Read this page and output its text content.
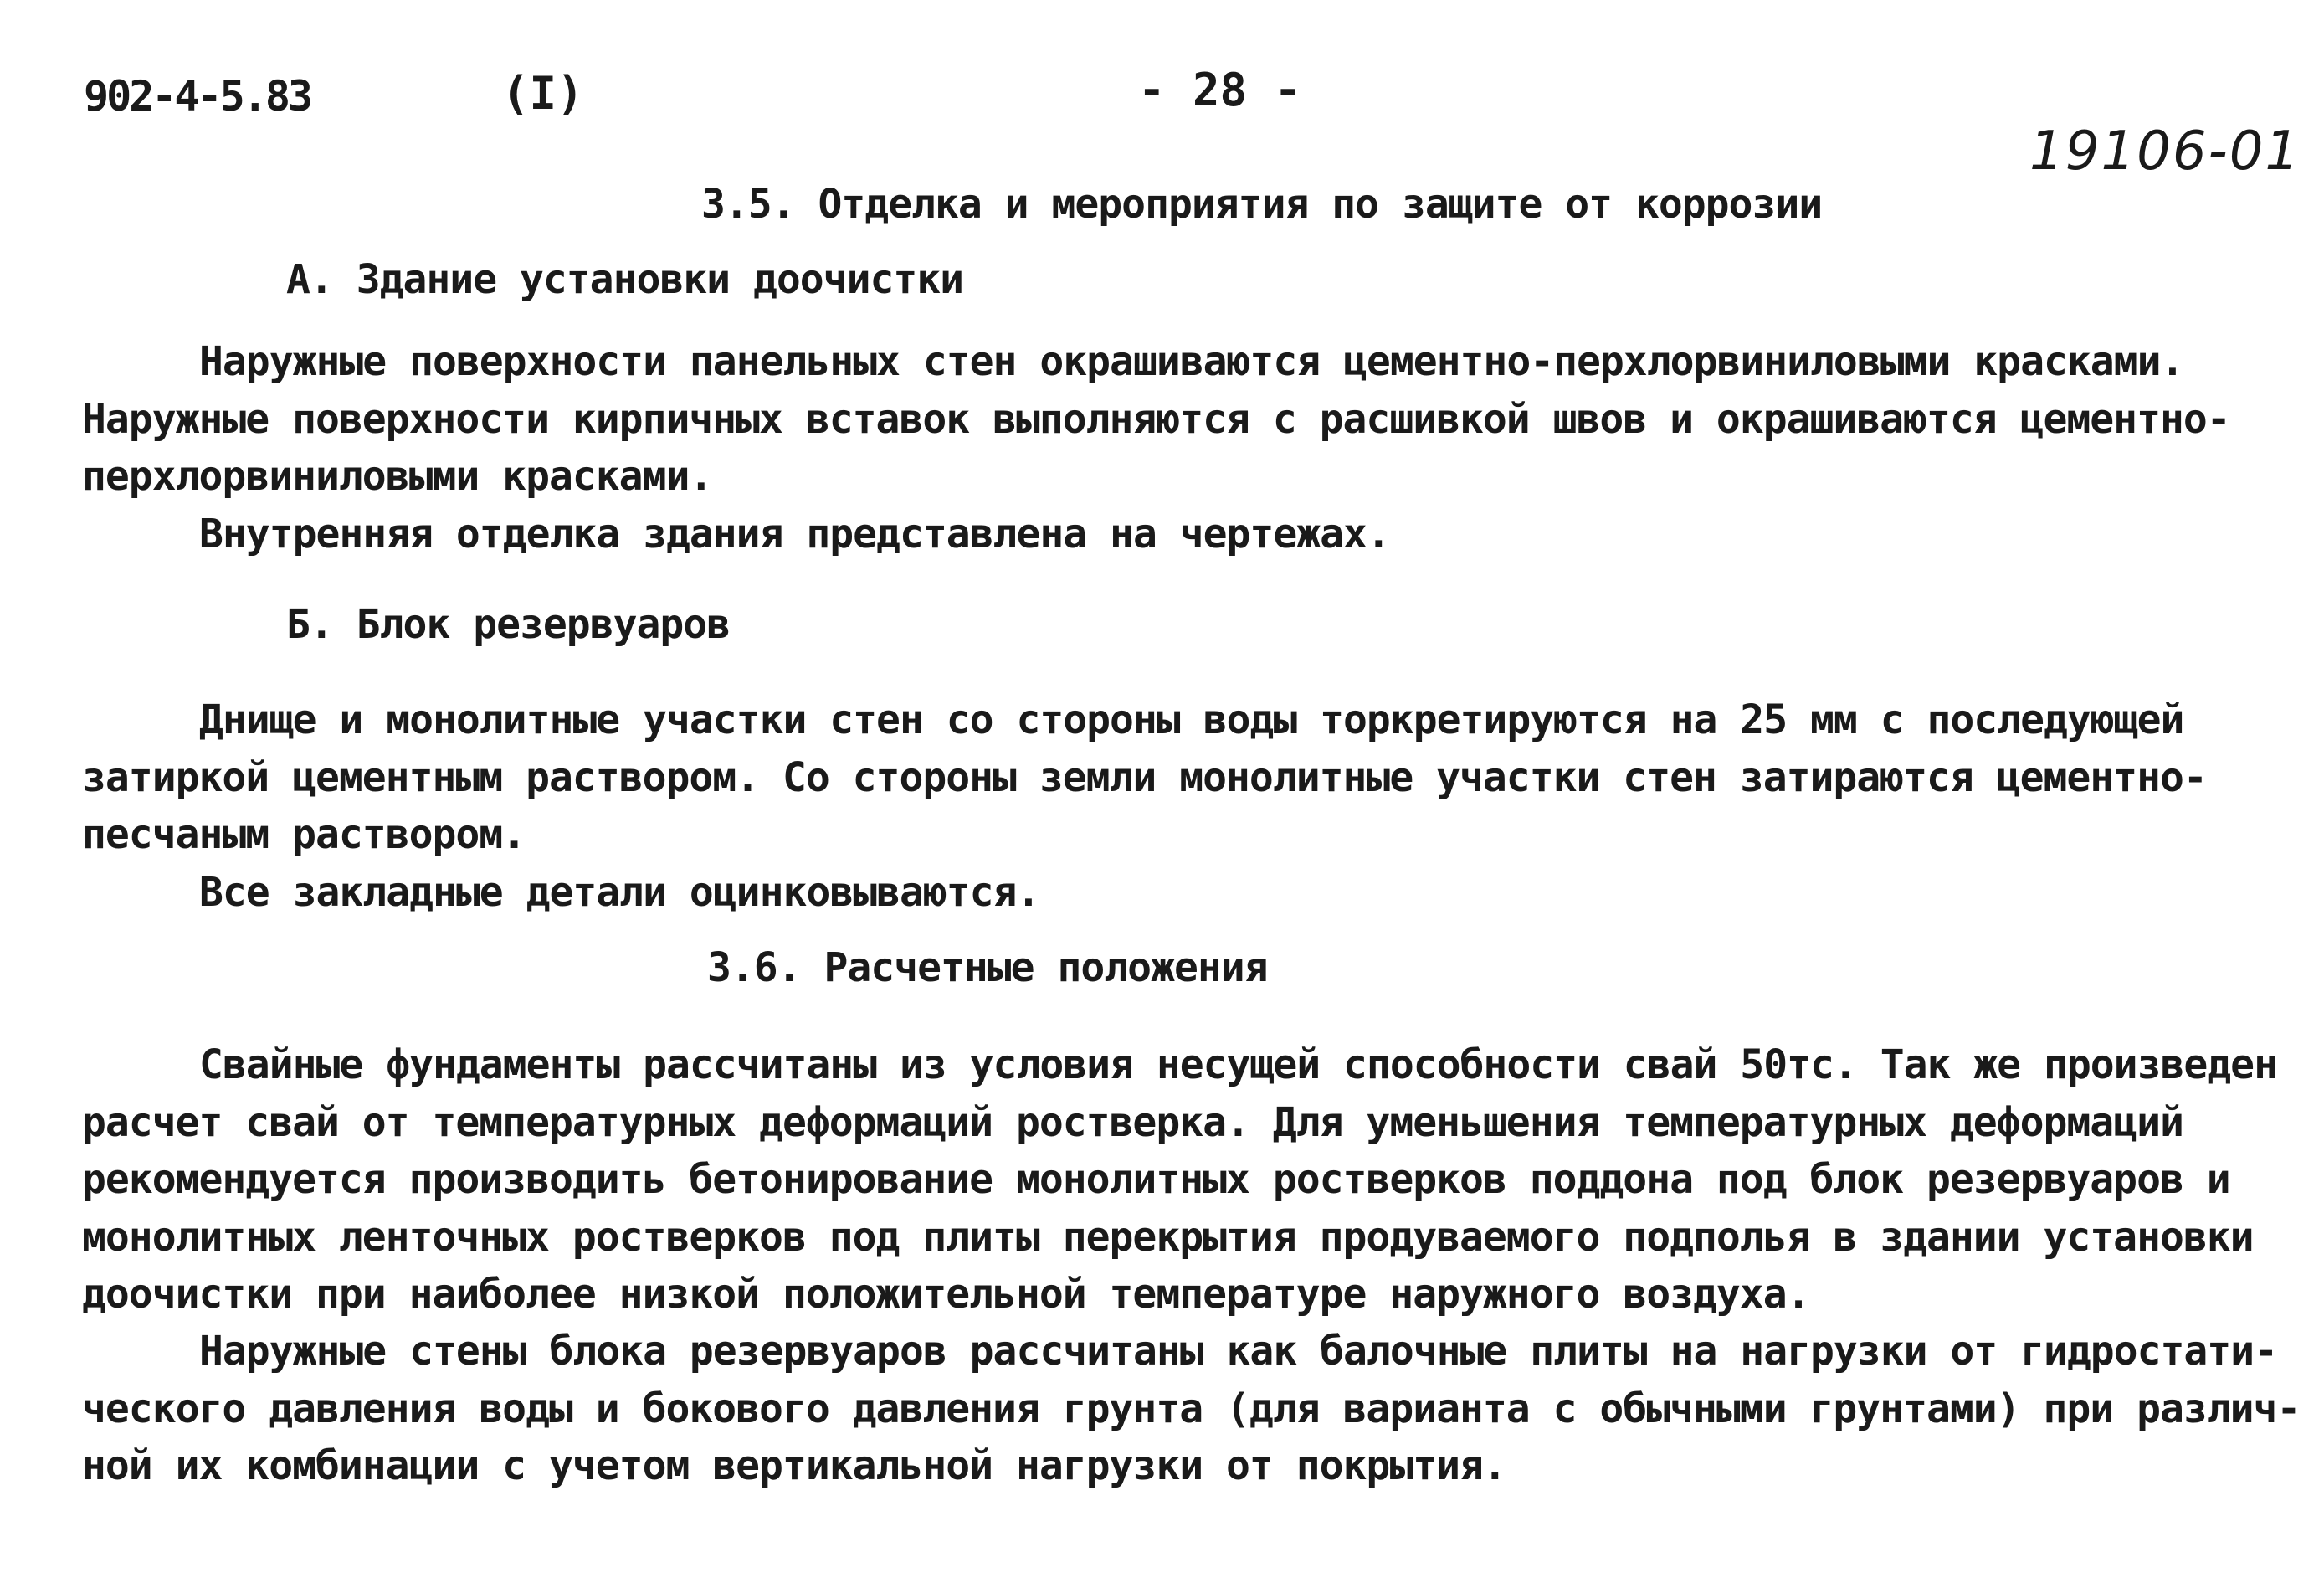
902-4-5.83	(I)	- 28 -
19106-01
3.5. Отделка и мероприятия по защите от коррозии
А. Здание установки доочистки
Наружные поверхности панельных стен окрашиваются цементно-перхлорвиниловыми красками.
Наружные поверхности кирпичных вставок выполняются с расшивкой швов и окрашиваются цементно-
перхлорвиниловыми красками.
Внутренняя отделка здания представлена на чертежах.
Б. Блок резервуаров
Днище и монолитные участки стен со стороны воды торкретируются на 25 мм с последующей
затиркой цементным раствором. Со стороны земли монолитные участки стен затираются цементно-
песчаным раствором.
Все закладные детали оцинковываются.
3.6. Расчетные положения
Свайные фундаменты рассчитаны из условия несущей способности свай 50тс. Так же произведен
расчет свай от температурных деформаций ростверка. Для уменьшения температурных деформаций
рекомендуется производить бетонирование монолитных ростверков поддона под блок резервуаров и
монолитных ленточных ростверков под плиты перекрытия продуваемого подполья в здании установки
доочистки при наиболее низкой положительной температуре наружного воздуха.
Наружные стены блока резервуаров рассчитаны как балочные плиты на нагрузки от гидростати-
ческого давления воды и бокового давления грунта (для варианта с обычными грунтами) при различ-
ной их комбинации с учетом вертикальной нагрузки от покрытия.
